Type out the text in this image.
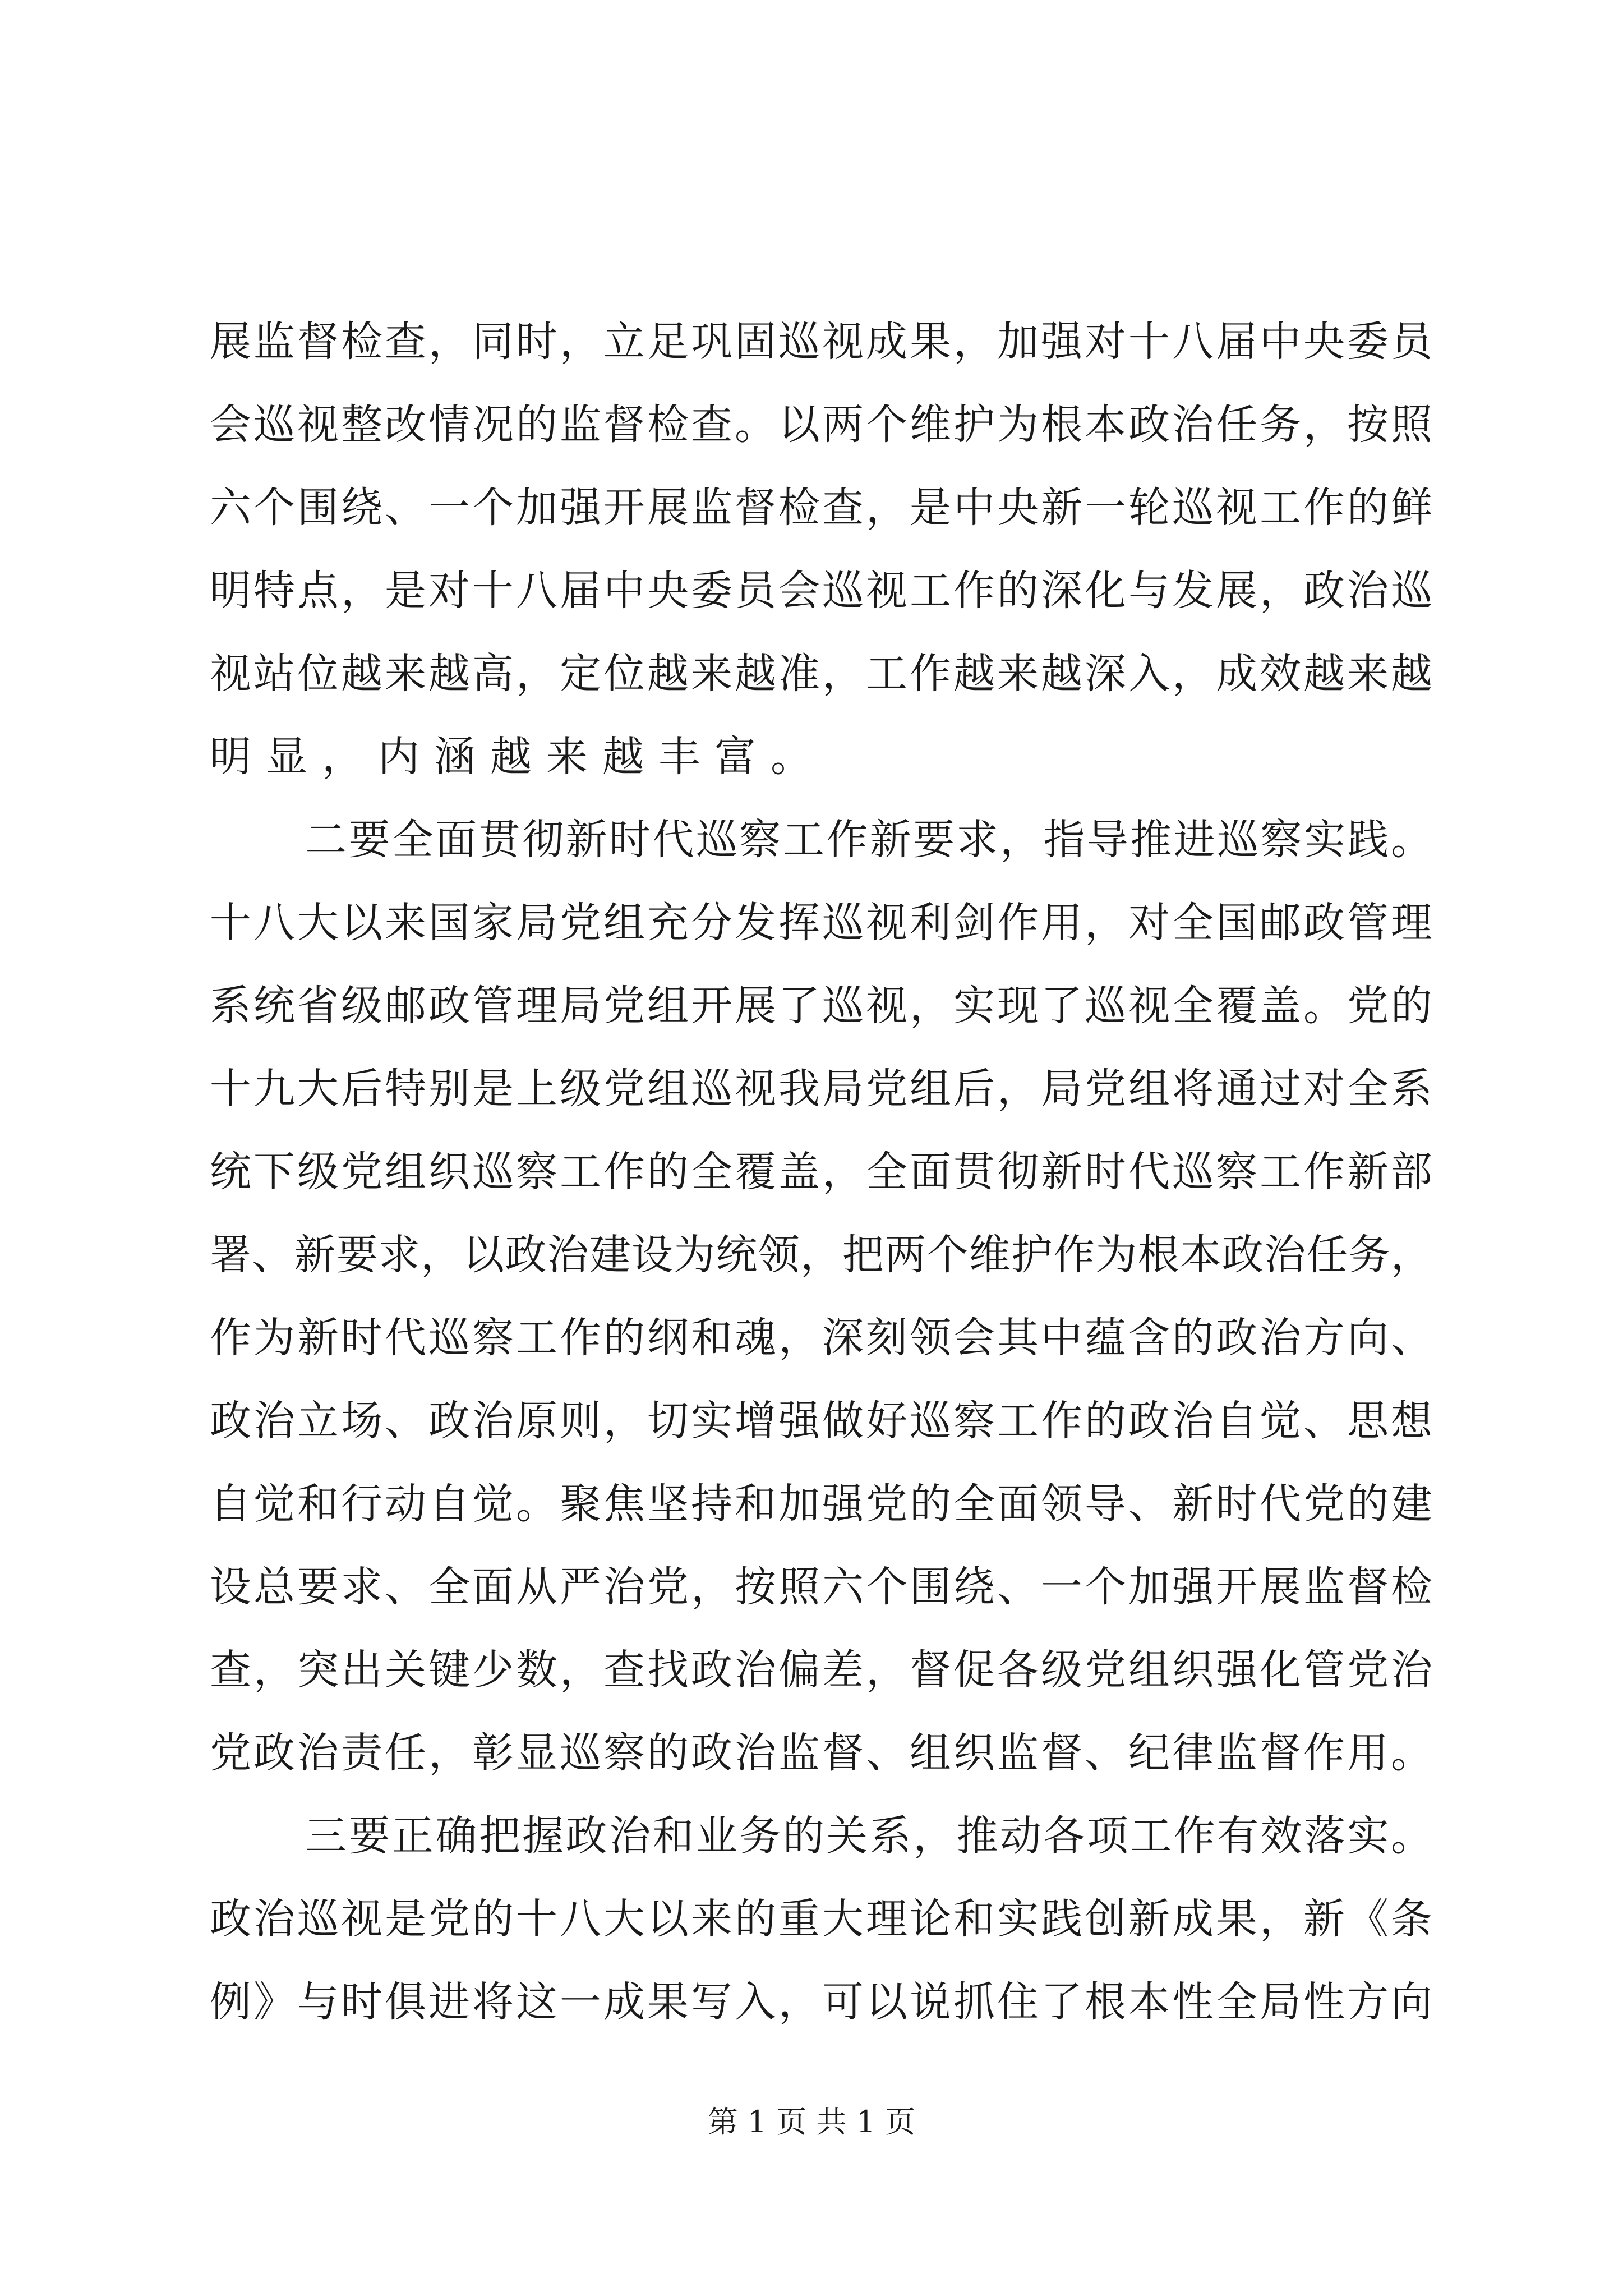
展 监 督 检 查 ， 同 时 ， 立 足 巩 固 巡 视 成 果 ， 加 强 对 十 八 届 中 央 委 员
会 巡 视 整 改 情 况 的 监 督 检 查 。 以 两 个 维 护 为 根 本 政 治 任 务 ， 按 照
六 个 围 绕 、 一 个 加 强 开 展 监 督 检 查 ， 是 中 央 新 一 轮 巡 视 工 作 的 鲜
明 特 点 ， 是 对 十 八 届 中 央 委 员 会 巡 视 工 作 的 深 化 与 发 展 ， 政 治 巡
视 站 位 越 来 越 高 ， 定 位 越 来 越 准 ， 工 作 越 来 越 深 入 ， 成 效 越 来 越
明 显 ， 内 涵 越 来 越 丰 富 。
二 要 全 面 贯 彻 新 时 代 巡 察 工 作 新 要 求 ， 指 导 推 进 巡 察 实 践 。
十 八 大 以 来 国 家 局 党 组 充 分 发 挥 巡 视 利 剑 作 用 ， 对 全 国 邮 政 管 理
系 统 省 级 邮 政 管 理 局 党 组 开 展 了 巡 视 ， 实 现 了 巡 视 全 覆 盖 。 党 的
十 九 大 后 特 别 是 上 级 党 组 巡 视 我 局 党 组 后 ， 局 党 组 将 通 过 对 全 系
统 下 级 党 组 织 巡 察 工 作 的 全 覆 盖 ， 全 面 贯 彻 新 时 代 巡 察 工 作 新 部
署 、 新 要 求 ， 以 政 治 建 设 为 统 领 ， 把 两 个 维 护 作 为 根 本 政 治 任 务 ，
作 为 新 时 代 巡 察 工 作 的 纲 和 魂 ， 深 刻 领 会 其 中 蕴 含 的 政 治 方 向 、
政 治 立 场 、 政 治 原 则 ， 切 实 增 强 做 好 巡 察 工 作 的 政 治 自 觉 、 思 想
自 觉 和 行 动 自 觉 。 聚 焦 坚 持 和 加 强 党 的 全 面 领 导 、 新 时 代 党 的 建
设 总 要 求 、 全 面 从 严 治 党 ， 按 照 六 个 围 绕 、 一 个 加 强 开 展 监 督 检
查 ， 突 出 关 键 少 数 ， 查 找 政 治 偏 差 ， 督 促 各 级 党 组 织 强 化 管 党 治
党 政 治 责 任 ， 彰 显 巡 察 的 政 治 监 督 、 组 织 监 督 、 纪 律 监 督 作 用 。
三 要 正 确 把 握 政 治 和 业 务 的 关 系 ， 推 动 各 项 工 作 有 效 落 实 。
政 治 巡 视 是 党 的 十 八 大 以 来 的 重 大 理 论 和 实 践 创 新 成 果 ， 新 《 条
例 》 与 时 俱 进 将 这 一 成 果 写 入 ， 可 以 说 抓 住 了 根 本 性 全 局 性 方 向
第 1 页 共 1 页
